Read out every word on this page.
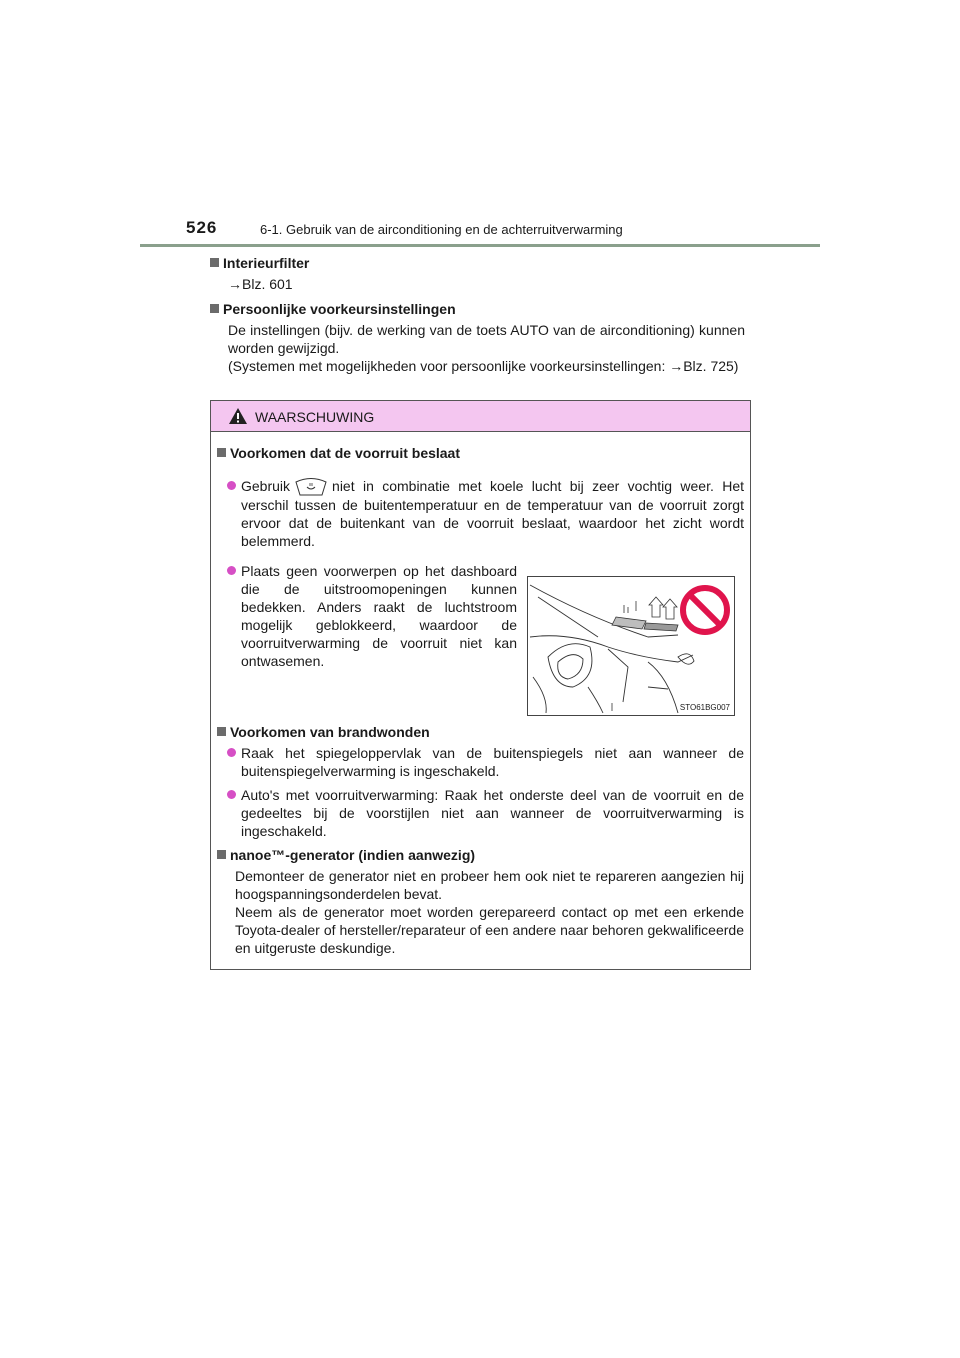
526	6-1. Gebruik van de airconditioning en de achterruitverwarming
Interieurfilter
→Blz. 601
Persoonlijke voorkeursinstellingen
De instellingen (bijv. de werking van de toets AUTO van de airconditioning) kunnen worden gewijzigd.
(Systemen met mogelijkheden voor persoonlijke voorkeursinstellingen: →Blz. 725)
WAARSCHUWING
Voorkomen dat de voorruit beslaat
Gebruik	niet in combinatie met koele lucht bij zeer vochtig weer. Het verschil tussen de buitentemperatuur en de temperatuur van de voorruit zorgt ervoor dat de buitenkant van de voorruit beslaat, waardoor het zicht wordt belemmerd.
Plaats geen voorwerpen op het dashboard die de uitstroomopeningen kunnen bedekken. Anders raakt de luchtstroom mogelijk geblokkeerd, waardoor de voorruitverwarming de voorruit niet kan ontwasemen.
Voorkomen van brandwonden
Raak het spiegeloppervlak van de buitenspiegels niet aan wanneer de buitenspiegelverwarming is ingeschakeld.
Auto's met voorruitverwarming: Raak het onderste deel van de voorruit en de gedeeltes bij de voorstijlen niet aan wanneer de voorruitverwarming is ingeschakeld.
nanoe™-generator (indien aanwezig)
Demonteer de generator niet en probeer hem ook niet te repareren aangezien hij hoogspanningsonderdelen bevat.
Neem als de generator moet worden gerepareerd contact op met een erkende Toyota-dealer of hersteller/reparateur of een andere naar behoren gekwalificeerde en uitgeruste deskundige.
STO61BG007
